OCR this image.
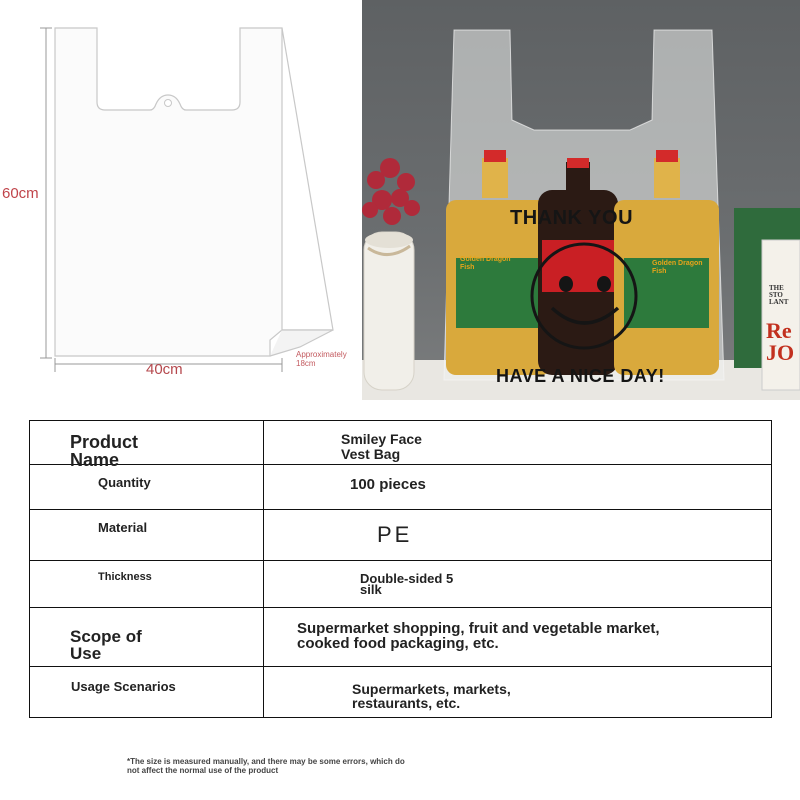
60cm
40cm
Approximately 18cm
THANK YOU
HAVE A NICE DAY!
Golden Dragon Fish
Golden Dragon Fish
THE STO LANT
Re JO
Product Name	Smiley Face Vest Bag

Quantity	100 pieces

Material	PE

Thickness	Double-sided 5 silk

Scope of Use	Supermarket shopping, fruit and vegetable market, cooked food packaging, etc.

Usage Scenarios	Supermarkets, markets, restaurants, etc.
*The size is measured manually, and there may be some errors, which do not affect the normal use of the product
